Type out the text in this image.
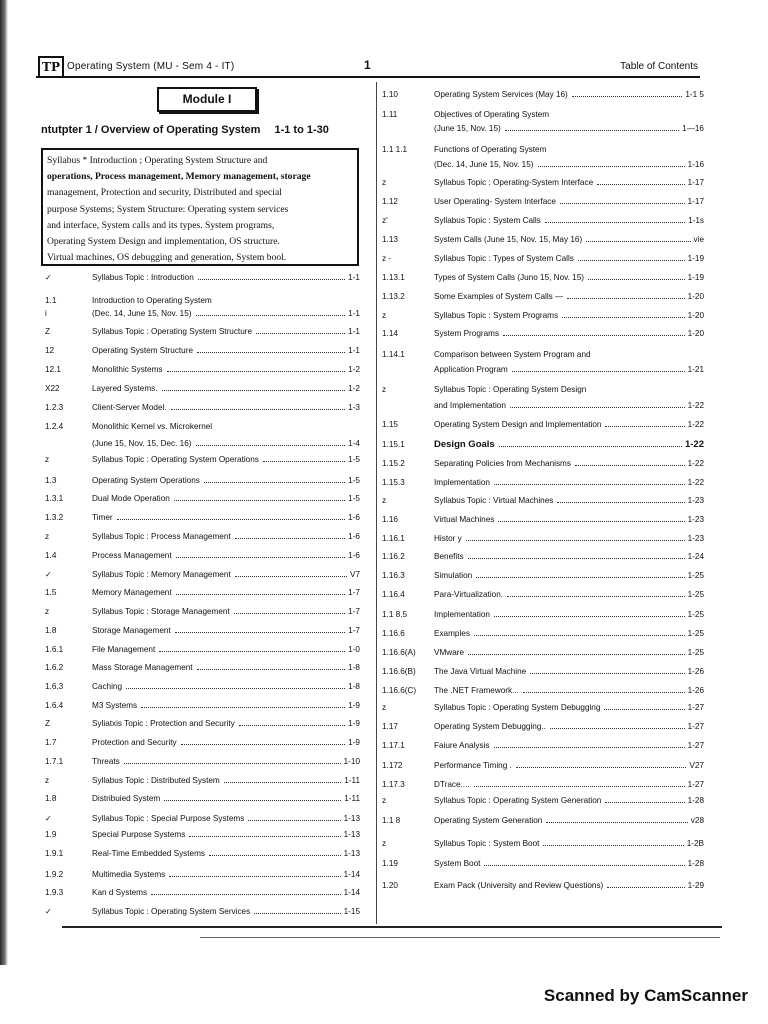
TP Operating System (MU - Sem 4 - IT)	1	Table of Contents
Module I
ntutpter 1 / Overview of Operating System 1-1 to 1-30
Syllabus * Introduction ; Operating System Structure and
operations, Process management, Memory management, storage
management, Protection and security, Distributed and special
purpose Systems; System Structure: Operating system services
and interface, System calls and its types. System programs,
Operating System Design and implementation, OS structure.
Virtual machines, OS debugging and generation, System bool.
✓	Syllabus Topic : Introduction	1-1
1.1	Introduction to Operating System
i	(Dec. 14, June 15, Nov. 15)	1-1
Z	Syllabus Topic : Operating System Structure	1-1
12	Operating System Structure	1-1
12.1	Monolithic Systems	1-2
X22	Layered Systems.	1-2
1.2.3	Client-Server Model.	1-3
1.2.4	Monolithic Kernel vs. Microkernel
(June 15, Nov. 15, Dec. 16)	1-4
z	Syllabus Topic : Operating System Operations	1-5
1.3	Operating System Operations	1-5
1.3.1	Dual Mode Operation	1-5
1.3.2	Timer	1-6
z	Syllabus Topic : Process Management	1-6
1.4	Process Management	1-6
✓	Syllabus Topic : Memory Management	V7
1.5	Memory Management	1-7
z	Syllabus Topic : Storage Management	1-7
1.8	Storage Management	1-7
1.6.1	File Management	1-0
1.6.2	Mass Storage Management	1-8
1.6.3	Caching	1-8
1.6.4	M3 Systems	1-9
Z	Syliatxis Topic : Protection and Security	1-9
1.7	Protection and Security	1-9
1.7.1	Threats	1-10
z	Syllabus Topic : Distributed System	1-11
1.8	Distribuied System	1-11
✓	Syllabus Topic : Special Purpose Systems	1-13
1.9	Special Purpose Systems	1-13
1.9.1	Real-Time Embedded Systems	1-13
1.9.2	Multimedia Systems	1-14
1.9.3	Kan d Systems	1-14
✓	Syllabus Topic : Operating System Services	1-15
1.10	Operating System Services (May 16)	1-1 5
1.11	Objectives of Operating System
(June 15, Nov. 15)	1—16
1.1 1.1	Functions of Operating System
(Dec. 14, June 15, Nov. 15)	1-16
z	Syllabus Topic : Operating-System Interface	1-17
1.12	User Operating- System Interface	1-17
z'	Syllabus Topic : System Calls	1-1s
1.13	System Calls (June 15, Nov. 15, May 16)	vie
z -	Syllabus Topic : Types of System Calls	1-19
1.13.1	Types of System Calls (Juno 15, Nov. 15)	1-19
1.13.2	Some Examples of System Calls —	1-20
z	Syllabus Topic : System Programs	1-20
1.14	System Programs	1-20
1.14.1	Comparison between System Program and
Application Program	1-21
z	Syllabus Topic : Operating System Design
and Implementation	1-22
1.15	Operating System Design and Implementation	1-22
1.15.1	Design Goals	1-22
1.15.2	Separating Policies from Mechanisms	1-22
1.15.3	Implementation	1-22
z	Syllabus Topic : Virtual Machines	1-23
1.16	Virtual Machines	1-23
1.16.1	Histor y	1-23
1.16.2	Benefits	1-24
1.16.3	Simulation	1-25
1.16.4	Para-Virtualization.	1-25
1.1 8.5	Implementation	1-25
1.16.6	Examples	1-25
1.16.6(A)	VMware	1-25
1.16.6(B)	The Java Virtual Machine	1-26
1.16.6(C)	The .NET Framework...	1-26
z	Syllabus Topic : Operating System Debugging	1-27
1.17	Operating System Debugging..	1-27
1.17.1	Faiure Analysis	1-27
1.172	Performance Timing .	V27
1.17.3	DTrace....	1-27
z	Syllabus Topic : Operating System Generation	1-28
1.1 8	Operating System Generation	v28
z	Syllabus Topic : System Boot	1-2B
1.19	System Boot	1-28
1.20	Exam Pack (University and Review Questions)	1-29
Scanned by CamScanner
